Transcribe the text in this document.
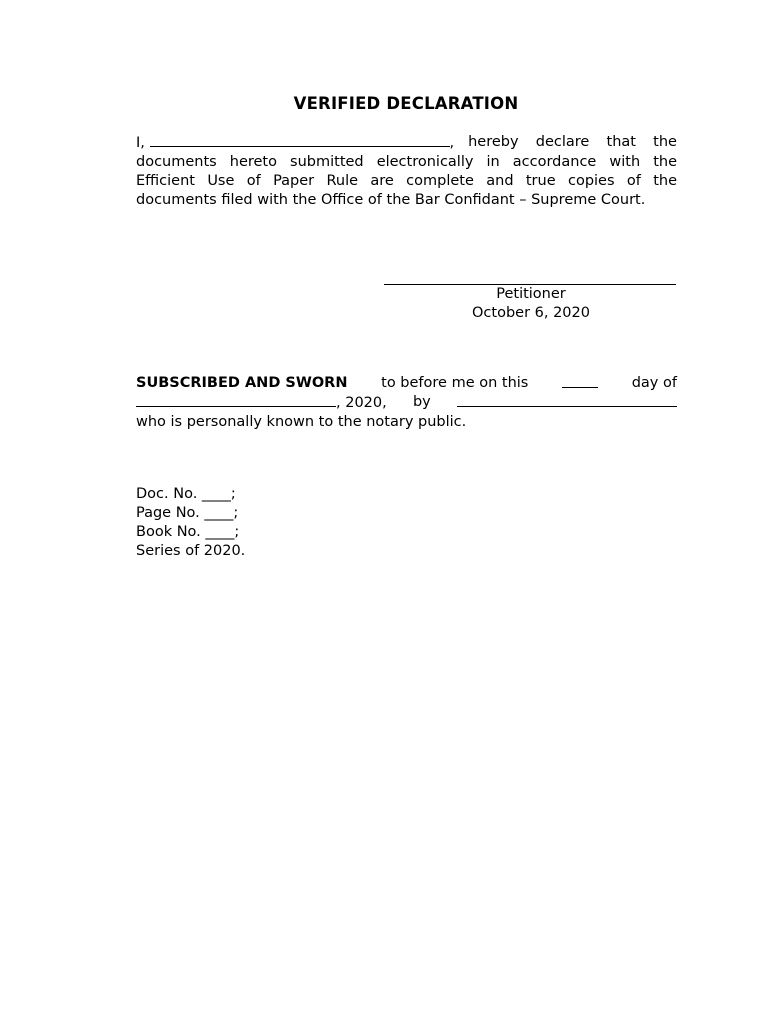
VERIFIED DECLARATION
I,	, hereby declare that the
documents hereto submitted electronically in accordance with the Efficient Use of Paper Rule are complete and true copies of the documents filed with the Office of the Bar Confidant – Supreme Court.
Petitioner
October 6, 2020
SUBSCRIBED AND SWORN to before me on this	day of
, 2020, by
who is personally known to the notary public.
Doc. No. ____;
Page No. ____;
Book No. ____;
Series of 2020.
